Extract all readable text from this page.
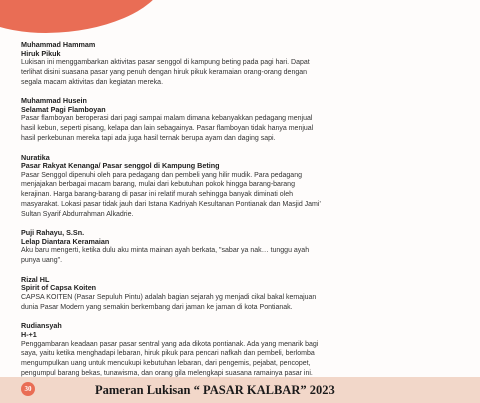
Muhammad Hammam
Hiruk Pikuk
Lukisan ini menggambarkan aktivitas pasar senggol di kampung beting pada pagi hari. Dapat
terlihat disini suasana pasar yang penuh dengan hiruk pikuk keramaian orang-orang dengan
segala macam aktivitas dan kegiatan mereka.
Muhammad Husein
Selamat Pagi Flamboyan
Pasar flamboyan beroperasi dari pagi sampai malam dimana kebanyakkan pedagang menjual
hasil kebun, seperti pisang, kelapa dan lain sebagainya. Pasar flamboyan tidak hanya menjual
hasil perkebunan mereka tapi ada juga hasil ternak berupa ayam dan daging sapi.
Nuratika
Pasar Rakyat Kenanga/ Pasar senggol di Kampung Beting
Pasar Senggol dipenuhi oleh para pedagang dan pembeli yang hilir mudik. Para pedagang
menjajakan berbagai macam barang, mulai dari kebutuhan pokok hingga barang-barang
kerajinan. Harga barang-barang di pasar ini relatif murah sehingga banyak diminati oleh
masyarakat. Lokasi pasar tidak jauh dari Istana Kadriyah Kesultanan Pontianak dan Masjid Jami'
Sultan Syarif Abdurrahman Alkadrie.
Puji Rahayu, S.Sn.
Lelap Diantara Keramaian
Aku baru mengerti, ketika dulu aku minta mainan ayah berkata, "sabar ya nak… tunggu ayah
punya uang".
Rizal HL
Spirit of Capsa Koiten
CAPSA KOITEN (Pasar Sepuluh Pintu) adalah bagian sejarah yg menjadi cikal bakal kemajuan
dunia Pasar Modern yang semakin berkembang dari jaman ke jaman di kota Pontianak.
Rudiansyah
H-+1
Penggambaran keadaan pasar pasar sentral yang ada dikota pontianak. Ada yang menarik bagi
saya, yaitu ketika menghadapi lebaran, hiruk pikuk para pencari nafkah dan pembeli, berlomba
mengumpulkan uang untuk mencukupi kebutuhan lebaran, dari pengemis, pejabat, pencopet,
pengumpul barang bekas, tunawisma, dan orang gila melengkapi suasana ramainya pasar ini.
30	Pameran Lukisan “ PASAR KALBAR” 2023
